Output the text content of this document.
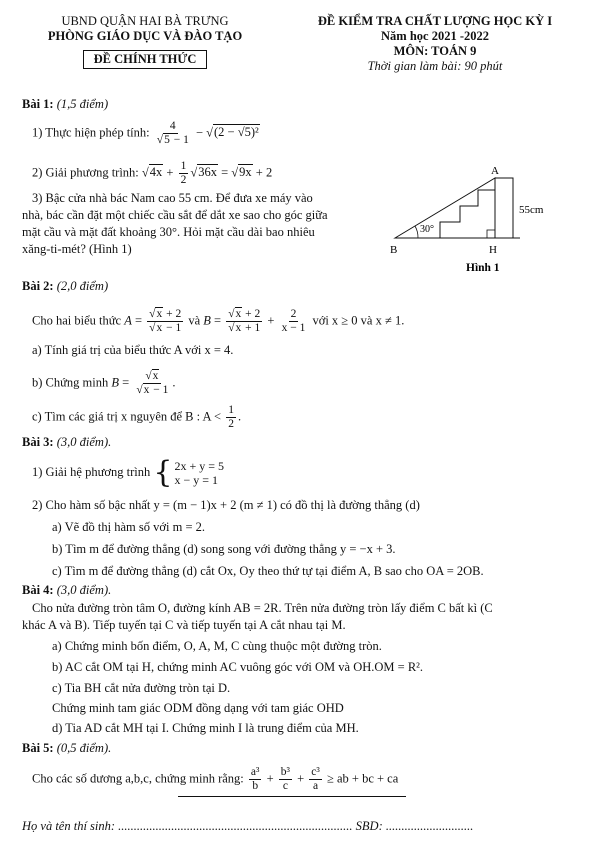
UBND QUẬN HAI BÀ TRƯNG
PHÒNG GIÁO DỤC VÀ ĐÀO TẠO
ĐỀ CHÍNH THỨC
ĐỀ KIỂM TRA CHẤT LƯỢNG HỌC KỲ I
Năm học 2021 -2022
MÔN: TOÁN 9
Thời gian làm bài: 90 phút
Bài 1: (1,5 điểm)
1) Thực hiện phép tính: $\frac{4}{√5 - 1} - √(2 - √5)^2$
2) Giải phương trình: $√4x + \frac{1}{2} √36x = √9x + 2$
3) Bậc cửa nhà bác Nam cao 55 cm. Để đưa xe máy vào
nhà, bác cần đặt một chiếc cầu sắt để dắt xe sao cho góc giữa
mặt cầu và mặt đất khoảng 30°. Hỏi mặt cầu dài bao nhiêu
xăng-ti-mét? (Hình 1)
A
B	H
55cm
30°
Hình 1
Bài 2: (2,0 điểm)
Cho hai biểu thức $A = \frac{√x + 2}{√x - 1}$ và $B = \frac{√x + 2}{√x + 1} + \frac{2}{x - 1}$ với x ≥ 0 và x ≠ 1.
a) Tính giá trị của biểu thức A với x = 4.
b) Chứng minh $B = \frac{√x}{√x - 1}$ .
c) Tìm các giá trị x nguyên để B : $A < \frac{1}{2}$ .
Bài 3: (3,0 điểm).
1) Giải hệ phương trình { 2x + y = 5
x − y = 1
2) Cho hàm số bậc nhất y = (m − 1)x + 2 (m ≠ 1) có đồ thị là đường thẳng (d)
a) Vẽ đồ thị hàm số với m = 2.
b) Tìm m để đường thẳng (d) song song với đường thẳng y = −x + 3.
c) Tìm m để đường thẳng (d) cắt Ox, Oy theo thứ tự tại điểm A, B sao cho OA = 2OB.
Bài 4: (3,0 điểm).
Cho nửa đường tròn tâm O, đường kính AB = 2R. Trên nửa đường tròn lấy điểm C bất kì (C
khác A và B). Tiếp tuyến tại C và tiếp tuyến tại A cắt nhau tại M.
a) Chứng minh bốn điểm, O, A, M, C cùng thuộc một đường tròn.
b) AC cắt OM tại H, chứng minh AC vuông góc với OM và OH.OM = R².
c) Tia BH cắt nửa đường tròn tại D.
Chứng minh tam giác ODM đồng dạng với tam giác OHD
d) Tia AD cắt MH tại I. Chứng minh I là trung điểm của MH.
Bài 5: (0,5 điểm).
Cho các số dương a,b,c, chứng minh rằng: $\frac{\text{a³}}{b} + \frac{\text{b³}}{c} + \frac{\text{c³}}{a}$ ≥ ab + bc + ca
Họ và tên thí sinh: ........................................................................... SBD: ............................
